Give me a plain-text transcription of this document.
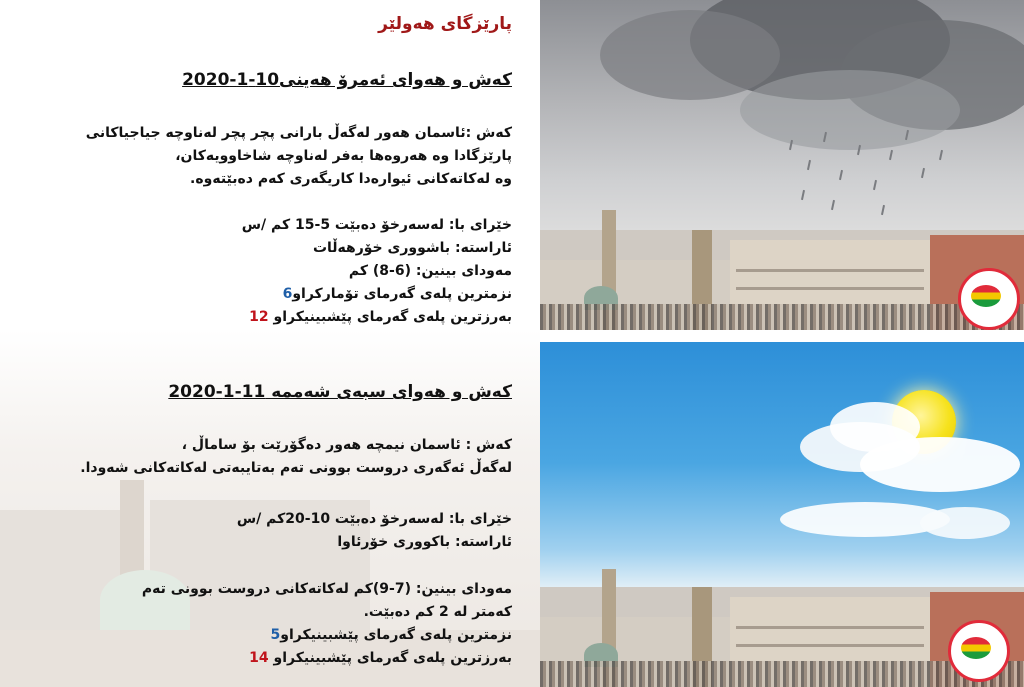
پارێزگای هەولێر
کەش و هەوای ئەمرۆ هەینی10-1-2020
کەش :ئاسمان هەور لەگەڵ بارانی پچر پچر لەناوچە جیاجیاکانی
پارێزگادا وە هەروەها بەفر لەناوچە شاخاوویەکان،
وە لەکاتەکانی ئیوارەدا کاریگەری کەم دەبێتەوە.
خێرای با: لەسەرخۆ دەبێت 5-15 کم /س
ئاراستە: باشووری خۆرهەڵات
مەودای بینین: (6-8) کم
نزمترین پلەی گەرمای تۆمارکراو6
بەرزترین پلەی گەرمای پێشبینیکراو 12
کەش و هەوای سبەی شەممە 11-1-2020
کەش : ئاسمان نیمچە هەور دەگۆرێت بۆ ساماڵ ،
لەگەڵ ئەگەری دروست بوونی تەم بەتایبەتی لەکاتەکانی شەودا.
خێرای با: لەسەرخۆ دەبێت 10-20کم /س
ئاراستە: باکووری خۆرئاوا
مەودای بینین: (7-9)کم لەکاتەکانی دروست بوونی تەم
کەمتر لە 2 کم دەبێت.
نزمترین پلەی گەرمای پێشبینیکراو5
بەرزترین پلەی گەرمای پێشبینیکراو 14
